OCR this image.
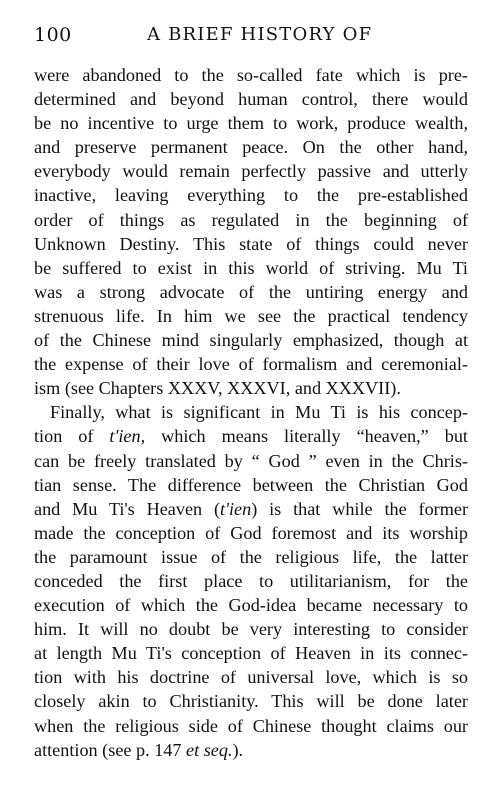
100	A BRIEF HISTORY OF
were abandoned to the so-called fate which is pre-
determined and beyond human control, there would
be no incentive to urge them to work, produce wealth,
and preserve permanent peace. On the other hand,
everybody would remain perfectly passive and utterly
inactive, leaving everything to the pre-established
order of things as regulated in the beginning of
Unknown Destiny. This state of things could never
be suffered to exist in this world of striving. Mu Ti
was a strong advocate of the untiring energy and
strenuous life. In him we see the practical tendency
of the Chinese mind singularly emphasized, though at
the expense of their love of formalism and ceremonial-
ism (see Chapters XXXV, XXXVI, and XXXVII).
Finally, what is significant in Mu Ti is his concep-
tion of t'ien, which means literally “heaven,” but
can be freely translated by “ God ” even in the Chris-
tian sense. The difference between the Christian God
and Mu Ti's Heaven (t'ien) is that while the former
made the conception of God foremost and its worship
the paramount issue of the religious life, the latter
conceded the first place to utilitarianism, for the
execution of which the God-idea became necessary to
him. It will no doubt be very interesting to consider
at length Mu Ti's conception of Heaven in its connec-
tion with his doctrine of universal love, which is so
closely akin to Christianity. This will be done later
when the religious side of Chinese thought claims our
attention (see p. 147 et seq.).
